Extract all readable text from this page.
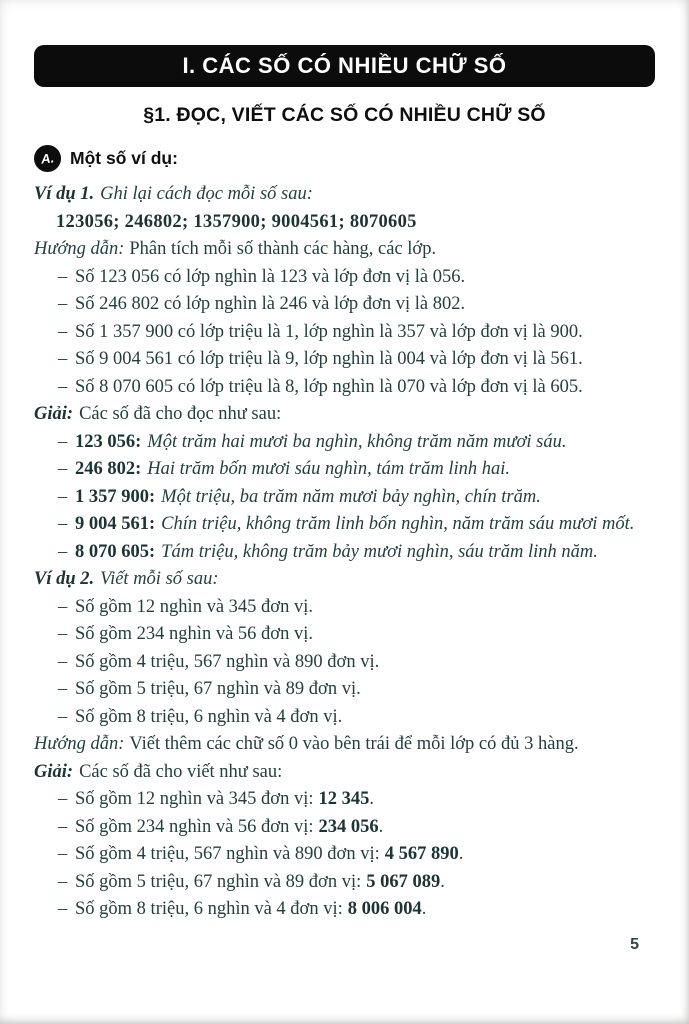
I. CÁC SỐ CÓ NHIỀU CHỮ SỐ
§1. ĐỌC, VIẾT CÁC SỐ CÓ NHIỀU CHỮ SỐ
A. Một số ví dụ:

Ví dụ 1. Ghi lại cách đọc mỗi số sau:

123056; 246802; 1357900; 9004561; 8070605

Hướng dẫn: Phân tích mỗi số thành các hàng, các lớp.

– Số 123 056 có lớp nghìn là 123 và lớp đơn vị là 056.

– Số 246 802 có lớp nghìn là 246 và lớp đơn vị là 802.

– Số 1 357 900 có lớp triệu là 1, lớp nghìn là 357 và lớp đơn vị là 900.

– Số 9 004 561 có lớp triệu là 9, lớp nghìn là 004 và lớp đơn vị là 561.

– Số 8 070 605 có lớp triệu là 8, lớp nghìn là 070 và lớp đơn vị là 605.

Giải: Các số đã cho đọc như sau:

– 123 056: Một trăm hai mươi ba nghìn, không trăm năm mươi sáu.

– 246 802: Hai trăm bốn mươi sáu nghìn, tám trăm linh hai.

– 1 357 900: Một triệu, ba trăm năm mươi bảy nghìn, chín trăm.

– 9 004 561: Chín triệu, không trăm linh bốn nghìn, năm trăm sáu mươi mốt.

– 8 070 605: Tám triệu, không trăm bảy mươi nghìn, sáu trăm linh năm.

Ví dụ 2. Viết mỗi số sau:

– Số gồm 12 nghìn và 345 đơn vị.

– Số gồm 234 nghìn và 56 đơn vị.

– Số gồm 4 triệu, 567 nghìn và 890 đơn vị.

– Số gồm 5 triệu, 67 nghìn và 89 đơn vị.

– Số gồm 8 triệu, 6 nghìn và 4 đơn vị.

Hướng dẫn: Viết thêm các chữ số 0 vào bên trái để mỗi lớp có đủ 3 hàng.

Giải: Các số đã cho viết như sau:

– Số gồm 12 nghìn và 345 đơn vị: 12 345.

– Số gồm 234 nghìn và 56 đơn vị: 234 056.

– Số gồm 4 triệu, 567 nghìn và 890 đơn vị: 4 567 890.

– Số gồm 5 triệu, 67 nghìn và 89 đơn vị: 5 067 089.

– Số gồm 8 triệu, 6 nghìn và 4 đơn vị: 8 006 004.

5
